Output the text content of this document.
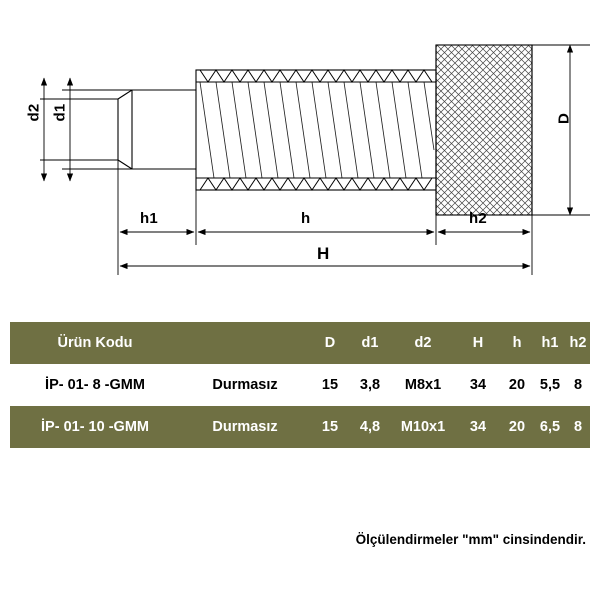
d2 d1	D
h1	h	h2
H
Ürün Kodu		D	d1	d2	H	h	h1	h2
İP- 01- 8 -GMM	Durmasız	15	3,8	M8x1	34	20	5,5	8
İP- 01- 10 -GMM	Durmasız	15	4,8	M10x1	34	20	6,5	8
Ölçülendirmeler "mm" cinsindendir.
